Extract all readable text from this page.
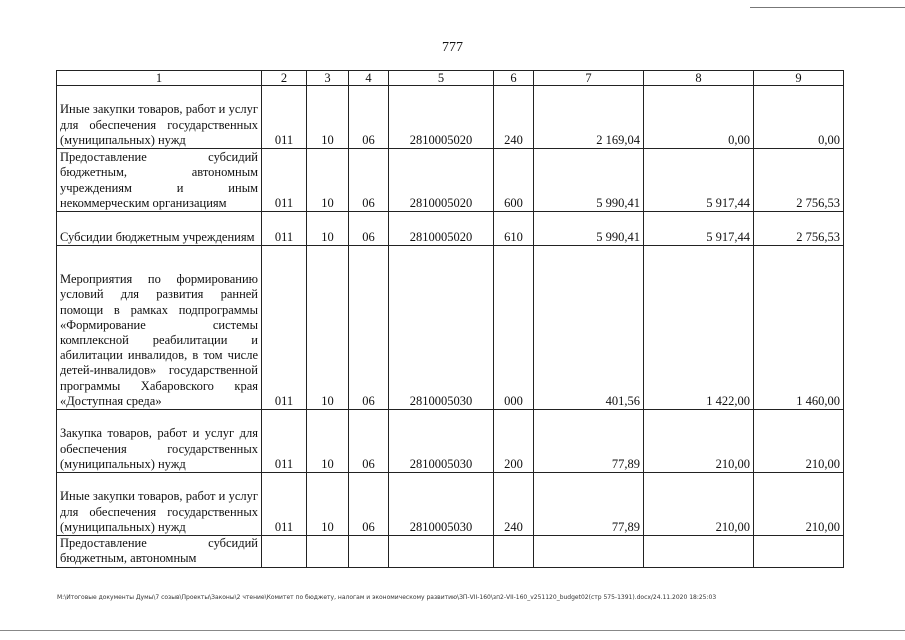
777
1	2	3	4	5	6	7	8	9
Иные закупки товаров, работ и услуг для обеспечения государственных (муниципальных) нужд	011	10	06	2810005020	240	2 169,04	0,00	0,00
Предоставление субсидий бюджетным, автономным учреждениям и иным некоммерческим организациям	011	10	06	2810005020	600	5 990,41	5 917,44	2 756,53
Субсидии бюджетным учреждениям	011	10	06	2810005020	610	5 990,41	5 917,44	2 756,53
Мероприятия по формированию условий для развития ранней помощи в рамках подпрограммы «Формирование системы комплексной реабилитации и абилитации инвалидов, в том числе детей-инвалидов» государственной программы Хабаровского края «Доступная среда»	011	10	06	2810005030	000	401,56	1 422,00	1 460,00
Закупка товаров, работ и услуг для обеспечения государственных (муниципальных) нужд	011	10	06	2810005030	200	77,89	210,00	210,00
Иные закупки товаров, работ и услуг для обеспечения государственных (муниципальных) нужд	011	10	06	2810005030	240	77,89	210,00	210,00
Предоставление субсидий бюджетным, автономным								
M:\Итоговые документы Думы\7 созыв\Проекты\Законы\2 чтение\Комитет по бюджету, налогам и экономическому развитию\ЗП-VII-160\зп2-VII-160_v251120_budget02(стр 575-1391).docx/24.11.2020 18:25:03
